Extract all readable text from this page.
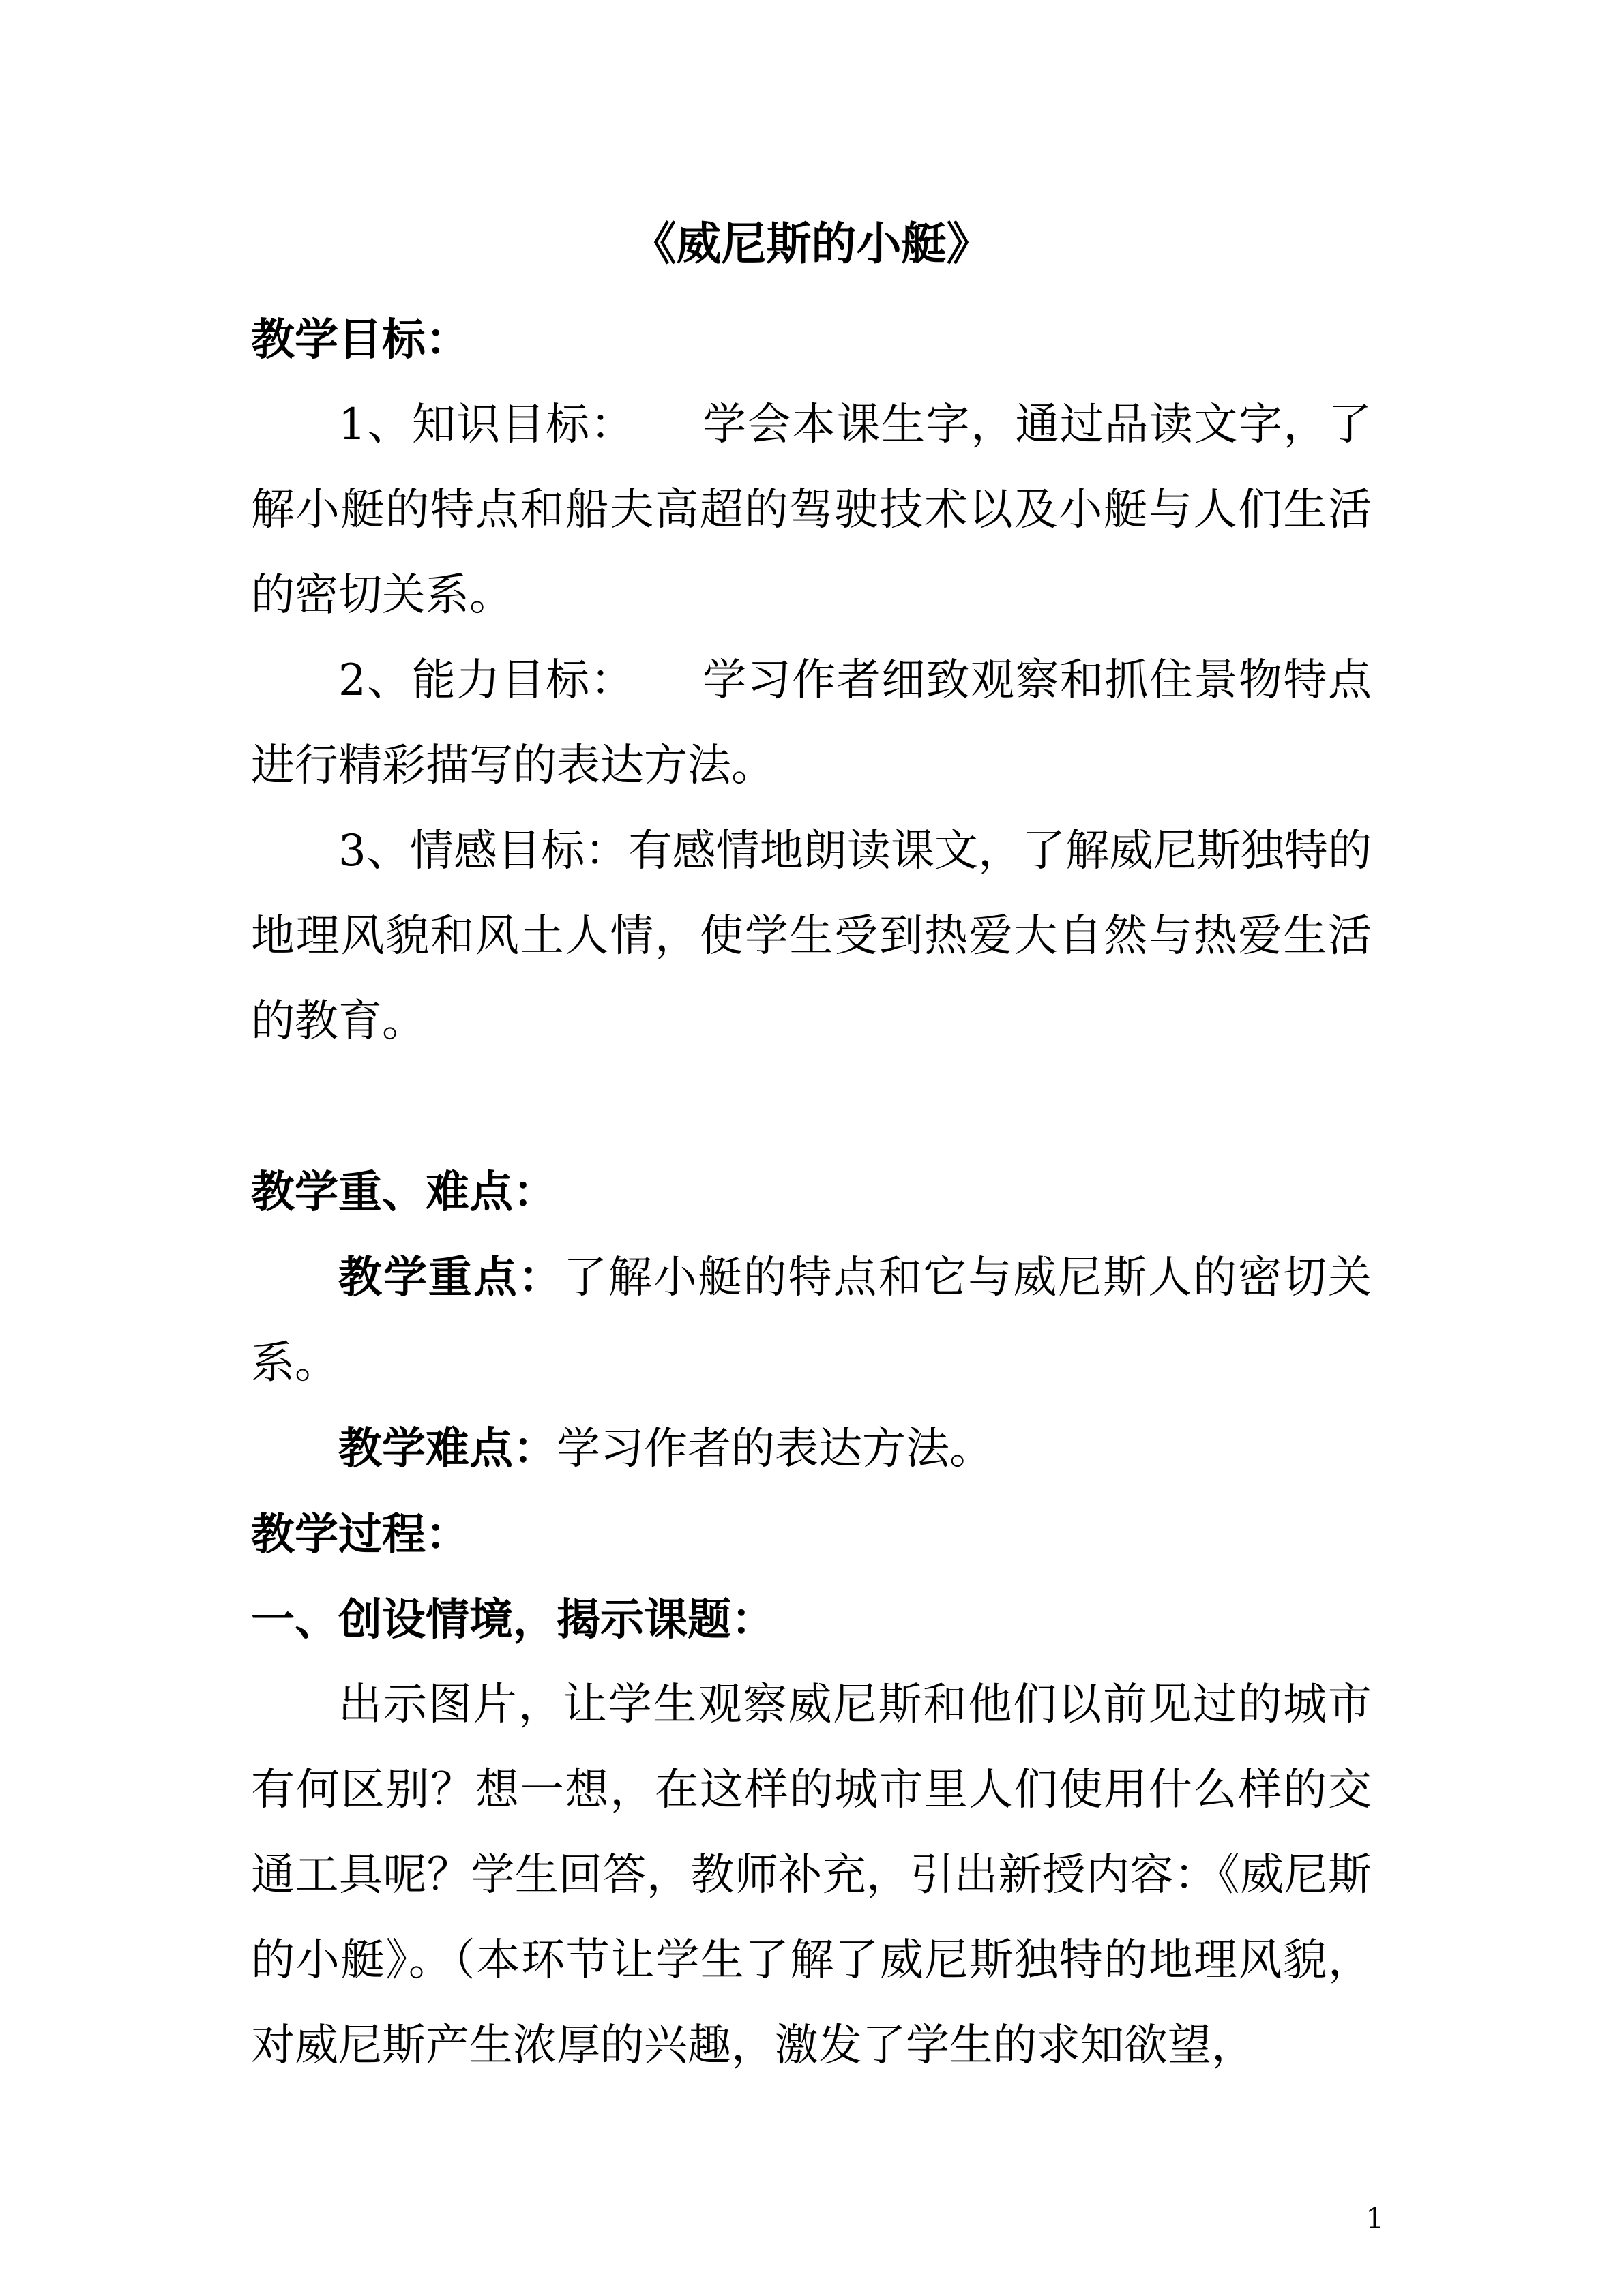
《威尼斯的小艇》
教学目标：

1、知识目标：　　学会本课生字，通过品读文字，了解小艇的特点和船夫高超的驾驶技术以及小艇与人们生活的密切关系。

2、能力目标：　　学习作者细致观察和抓住景物特点进行精彩描写的表达方法。

3、情感目标：有感情地朗读课文，了解威尼斯独特的地理风貌和风土人情，使学生受到热爱大自然与热爱生活的教育。

教学重、难点：

教学重点：了解小艇的特点和它与威尼斯人的密切关系。

教学难点：学习作者的表达方法。

教学过程：
一、创设情境，揭示课题：

出示图片，让学生观察威尼斯和他们以前见过的城市有何区别？想一想，在这样的城市里人们使用什么样的交通工具呢？学生回答，教师补充，引出新授内容：《威尼斯的小艇》。（本环节让学生了解了威尼斯独特的地理风貌，对威尼斯产生浓厚的兴趣，激发了学生的求知欲望，

1
